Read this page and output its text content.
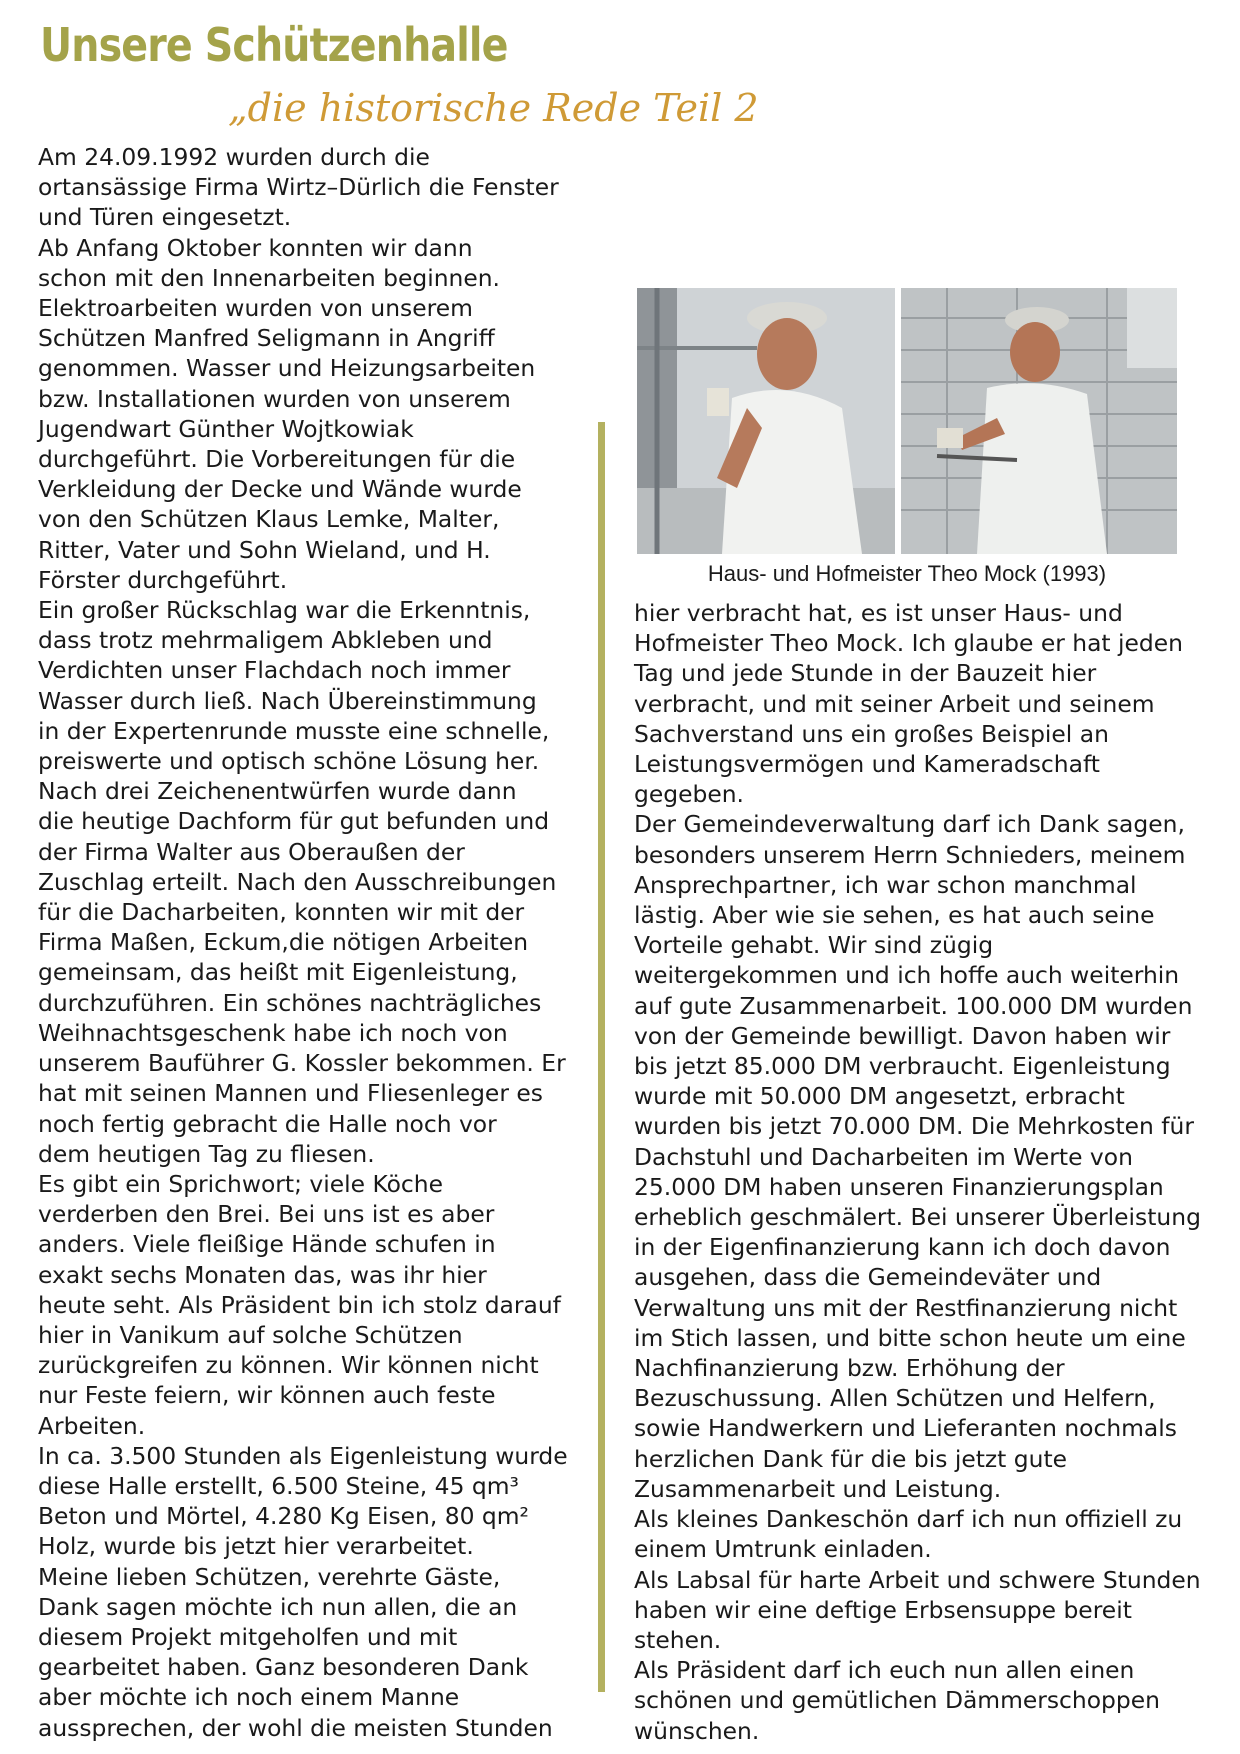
Unsere Schützenhalle

„die historische Rede Teil 2

Am 24.09.1992 wurden durch die
ortansässige Firma Wirtz–Dürlich die Fenster
und Türen eingesetzt.
Ab Anfang Oktober konnten wir dann
schon mit den Innenarbeiten beginnen.
Elektroarbeiten wurden von unserem
Schützen Manfred Seligmann in Angriff
genommen. Wasser und Heizungsarbeiten
bzw. Installationen wurden von unserem
Jugendwart Günther Wojtkowiak
durchgeführt. Die Vorbereitungen für die
Verkleidung der Decke und Wände wurde
von den Schützen Klaus Lemke, Malter,
Ritter, Vater und Sohn Wieland, und H.
Förster durchgeführt.
Ein großer Rückschlag war die Erkenntnis,
dass trotz mehrmaligem Abkleben und
Verdichten unser Flachdach noch immer
Wasser durch ließ. Nach Übereinstimmung
in der Expertenrunde musste eine schnelle,
preiswerte und optisch schöne Lösung her.
Nach drei Zeichenentwürfen wurde dann
die heutige Dachform für gut befunden und
der Firma Walter aus Oberaußen der
Zuschlag erteilt. Nach den Ausschreibungen
für die Dacharbeiten, konnten wir mit der
Firma Maßen, Eckum,die nötigen Arbeiten
gemeinsam, das heißt mit Eigenleistung,
durchzuführen. Ein schönes nachträgliches
Weihnachtsgeschenk habe ich noch von
unserem Bauführer G. Kossler bekommen. Er
hat mit seinen Mannen und Fliesenleger es
noch fertig gebracht die Halle noch vor
dem heutigen Tag zu fliesen.
Es gibt ein Sprichwort; viele Köche
verderben den Brei. Bei uns ist es aber
anders. Viele fleißige Hände schufen in
exakt sechs Monaten das, was ihr hier
heute seht. Als Präsident bin ich stolz darauf
hier in Vanikum auf solche Schützen
zurückgreifen zu können. Wir können nicht
nur Feste feiern, wir können auch feste
Arbeiten.
In ca. 3.500 Stunden als Eigenleistung wurde
diese Halle erstellt, 6.500 Steine, 45 qm³
Beton und Mörtel, 4.280 Kg Eisen, 80 qm²
Holz, wurde bis jetzt hier verarbeitet.
Meine lieben Schützen, verehrte Gäste,
Dank sagen möchte ich nun allen, die an
diesem Projekt mitgeholfen und mit
gearbeitet haben. Ganz besonderen Dank
aber möchte ich noch einem Manne
aussprechen, der wohl die meisten Stunden

Haus- und Hofmeister Theo Mock (1993)

hier verbracht hat, es ist unser Haus- und
Hofmeister Theo Mock. Ich glaube er hat jeden
Tag und jede Stunde in der Bauzeit hier
verbracht, und mit seiner Arbeit und seinem
Sachverstand uns ein großes Beispiel an
Leistungsvermögen und Kameradschaft
gegeben.
Der Gemeindeverwaltung darf ich Dank sagen,
besonders unserem Herrn Schnieders, meinem
Ansprechpartner, ich war schon manchmal
lästig. Aber wie sie sehen, es hat auch seine
Vorteile gehabt. Wir sind zügig
weitergekommen und ich hoffe auch weiterhin
auf gute Zusammenarbeit. 100.000 DM wurden
von der Gemeinde bewilligt. Davon haben wir
bis jetzt 85.000 DM verbraucht. Eigenleistung
wurde mit 50.000 DM angesetzt, erbracht
wurden bis jetzt 70.000 DM. Die Mehrkosten für
Dachstuhl und Dacharbeiten im Werte von
25.000 DM haben unseren Finanzierungsplan
erheblich geschmälert. Bei unserer Überleistung
in der Eigenfinanzierung kann ich doch davon
ausgehen, dass die Gemeindeväter und
Verwaltung uns mit der Restfinanzierung nicht
im Stich lassen, und bitte schon heute um eine
Nachfinanzierung bzw. Erhöhung der
Bezuschussung. Allen Schützen und Helfern,
sowie Handwerkern und Lieferanten nochmals
herzlichen Dank für die bis jetzt gute
Zusammenarbeit und Leistung.
Als kleines Dankeschön darf ich nun offiziell zu
einem Umtrunk einladen.
Als Labsal für harte Arbeit und schwere Stunden
haben wir eine deftige Erbsensuppe bereit
stehen.
Als Präsident darf ich euch nun allen einen
schönen und gemütlichen Dämmerschoppen
wünschen.
